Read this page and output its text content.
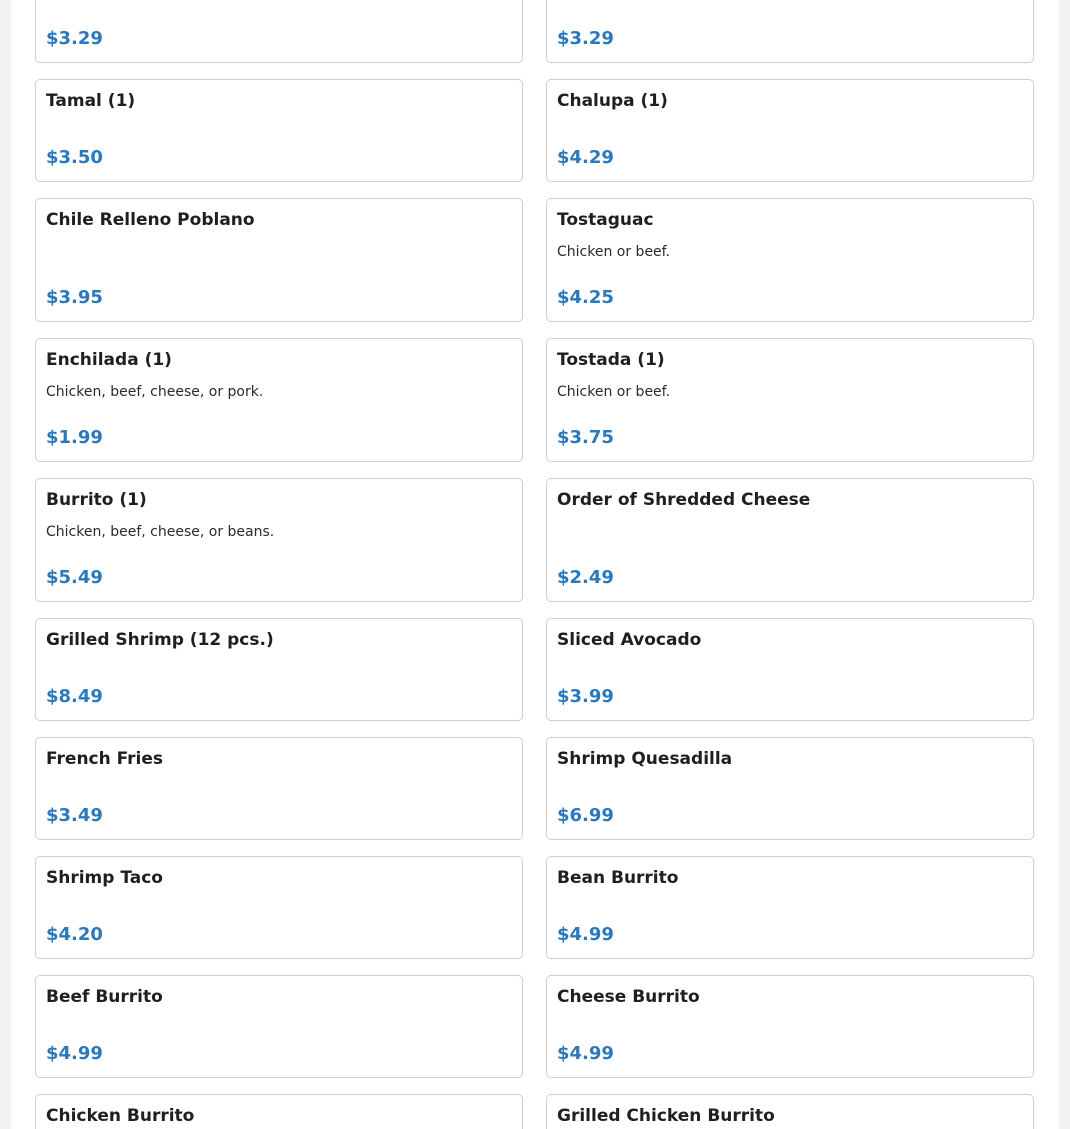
$3.29	$3.29
Tamal (1)
$3.50
Chalupa (1)
$4.29
Chile Relleno Poblano
$3.95
Tostaguac
Chicken or beef.
$4.25
Enchilada (1)
Chicken, beef, cheese, or pork.
$1.99
Tostada (1)
Chicken or beef.
$3.75
Burrito (1)
Chicken, beef, cheese, or beans.
$5.49
Order of Shredded Cheese
$2.49
Grilled Shrimp (12 pcs.)
$8.49
Sliced Avocado
$3.99
French Fries
$3.49
Shrimp Quesadilla
$6.99
Shrimp Taco
$4.20
Bean Burrito
$4.99
Beef Burrito
$4.99
Cheese Burrito
$4.99
Chicken Burrito	Grilled Chicken Burrito
